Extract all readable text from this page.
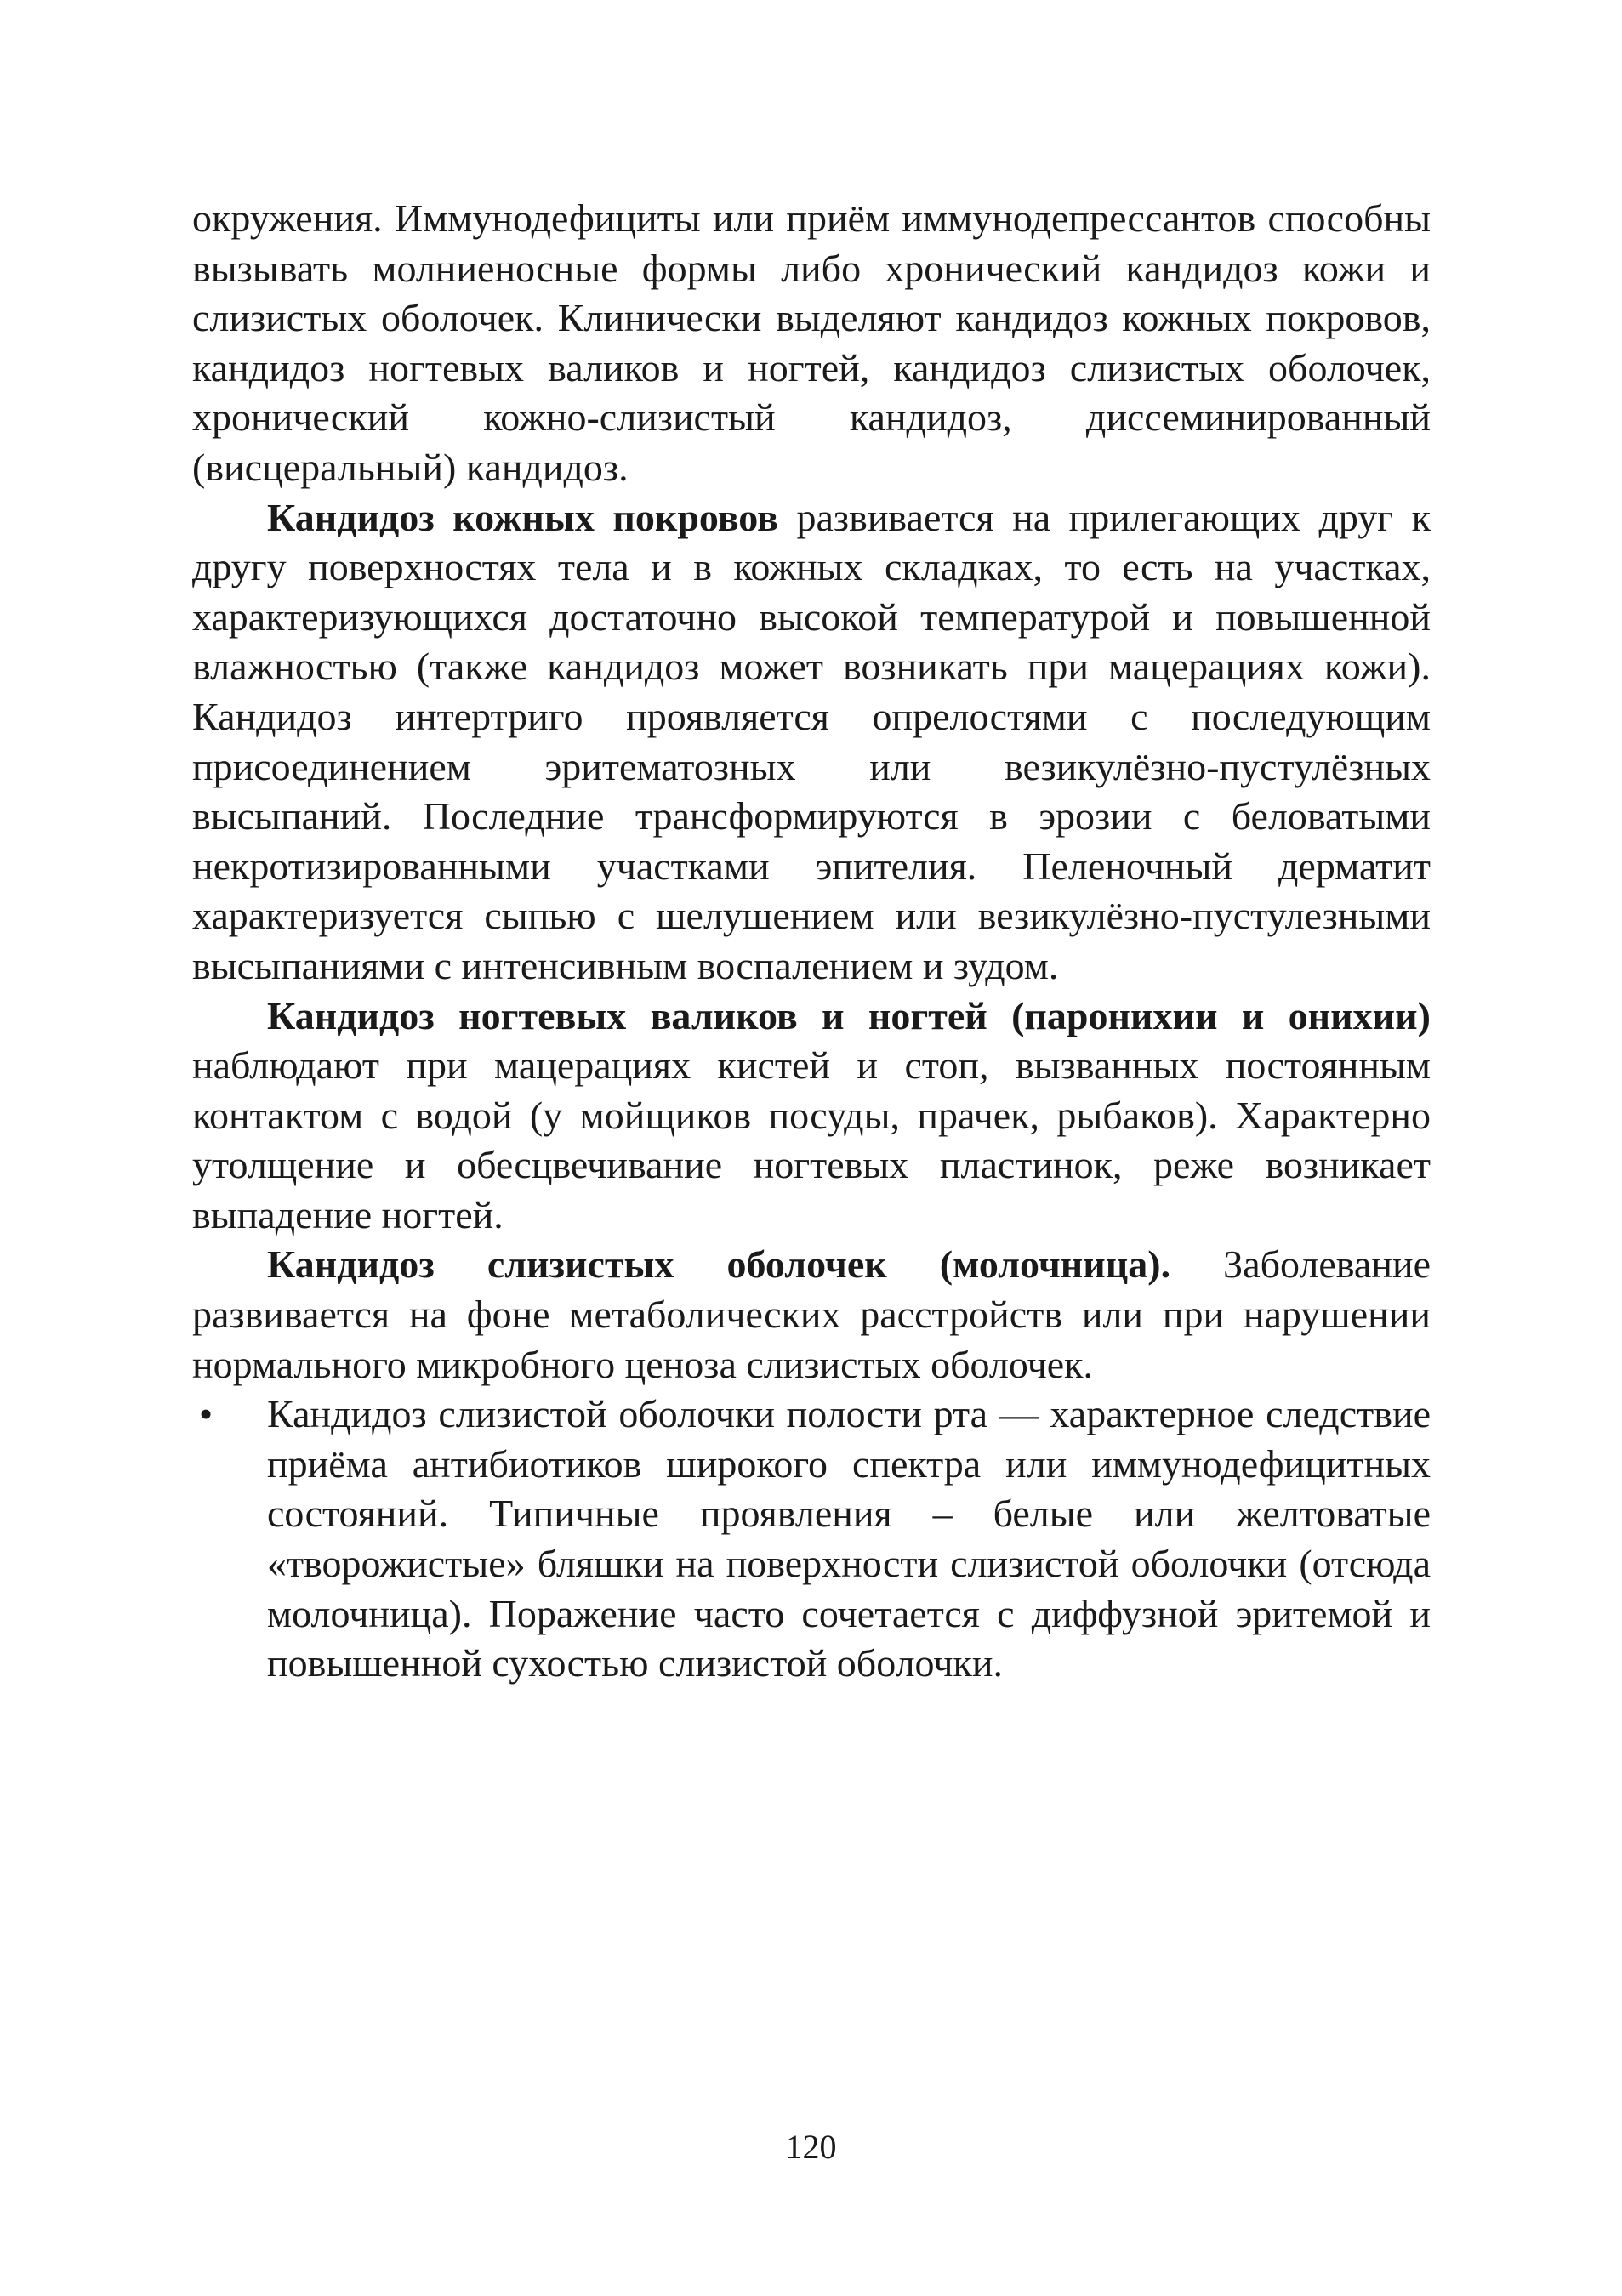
окружения. Иммунодефициты или приём иммунодепрессантов способны вызывать молниеносные формы либо хронический кандидоз кожи и слизистых оболочек. Клинически выделяют кандидоз кожных покровов, кандидоз ногтевых валиков и ногтей, кандидоз слизистых оболочек, хронический кожно-слизистый кандидоз, диссеминированный (висцеральный) кандидоз.

Кандидоз кожных покровов развивается на прилегающих друг к другу поверхностях тела и в кожных складках, то есть на участках, характеризующихся достаточно высокой температурой и повышенной влажностью (также кандидоз может возникать при мацерациях кожи). Кандидоз интертриго проявляется опрелостями с последующим присоединением эритематозных или везикулёзно-пустулёзных высыпаний. Последние трансформируются в эрозии с беловатыми некротизированными участками эпителия. Пеленочный дерматит характеризуется сыпью с шелушением или везикулёзно-пустулезными высыпаниями с интенсивным воспалением и зудом.

Кандидоз ногтевых валиков и ногтей (паронихии и онихии) наблюдают при мацерациях кистей и стоп, вызванных постоянным контактом с водой (у мойщиков посуды, прачек, рыбаков). Характерно утолщение и обесцвечивание ногтевых пластинок, реже возникает выпадение ногтей.

Кандидоз слизистых оболочек (молочница). Заболевание развивается на фоне метаболических расстройств или при нарушении нормального микробного ценоза слизистых оболочек.

• Кандидоз слизистой оболочки полости рта — характерное следствие приёма антибиотиков широкого спектра или иммунодефицитных состояний. Типичные проявления – белые или желтоватые «творожистые» бляшки на поверхности слизистой оболочки (отсюда молочница). Поражение часто сочетается с диффузной эритемой и повышенной сухостью слизистой оболочки.
120
